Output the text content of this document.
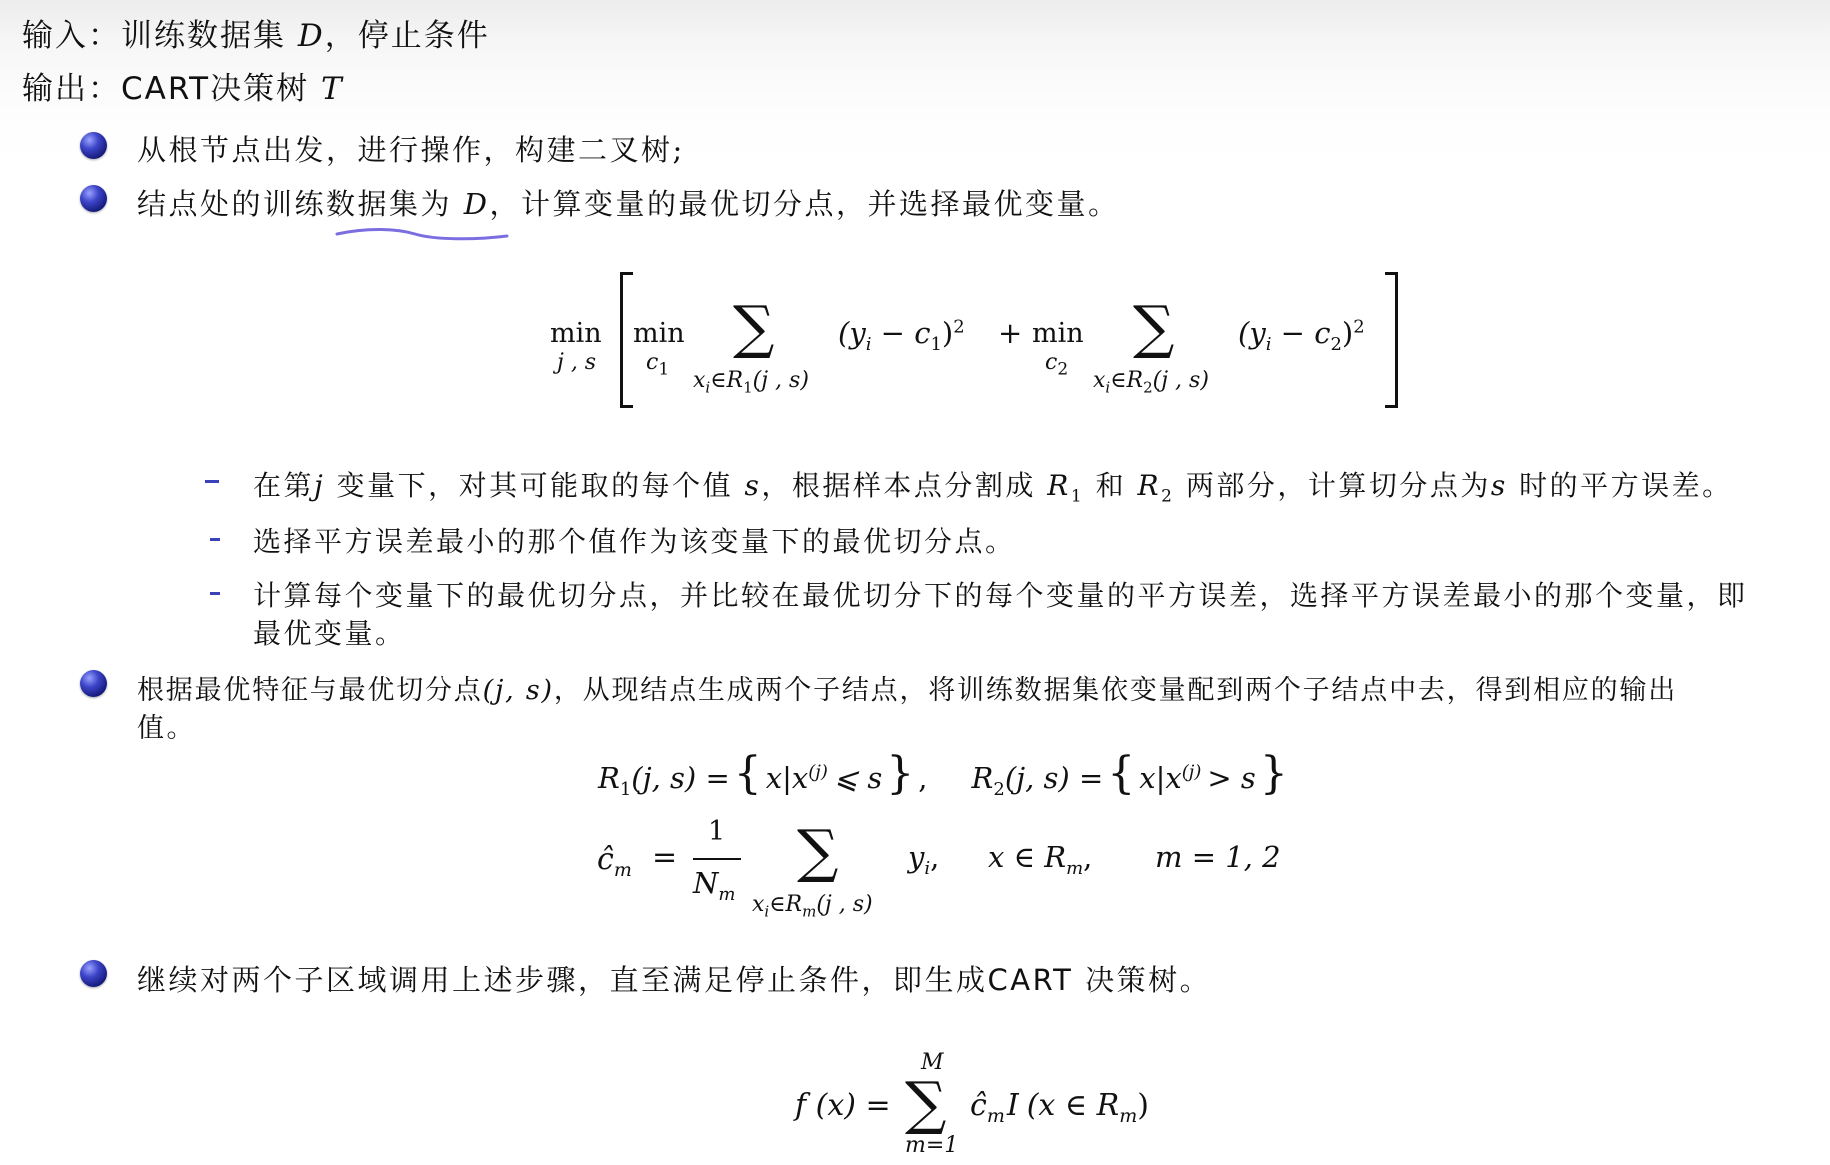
输入：训练数据集 D，停止条件
输出：CART决策树 T
从根节点出发，进行操作，构建二叉树;
结点处的训练数据集为 D，计算变量的最优切分点，并选择最优变量。
min
j , s
min
$c_1$
∑
$x_i\in R_1(j$ , s)
$(y_i - c_1)^2 + \min$
$c_2$
∑
$x_i\in R_2(j$ , s)
$(y_i - c_2)^2$
在第j 变量下，对其可能取的每个值 s，根据样本点分割成 $R_1$ 和 $R_2$ 两部分，计算切分点为s 时的平方误差。
选择平方误差最小的那个值作为该变量下的最优切分点。
计算每个变量下的最优切分点，并比较在最优切分下的每个变量的平方误差，选择平方误差最小的那个变量，即
最优变量。
根据最优特征与最优切分点(j, s)，从现结点生成两个子结点，将训练数据集依变量配到两个子结点中去，得到相应的输出
值。
$R_1(j$, s) ={ $x|x^{(j)}$ ⩽ s} , $R_2(j$, s) ={ $x|x^{(j)} > s$}
$ĉ_m$ =
1
$N_m$
∑
$x_i\in R_m(j$ , s)
$y_i$, x ∈ $R_m$, m = 1, 2
继续对两个子区域调用上述步骤，直至满足停止条件，即生成CART 决策树。
f (x) =
M
∑
m=1
$ĉ_mI$ (x ∈ $R_m$)
